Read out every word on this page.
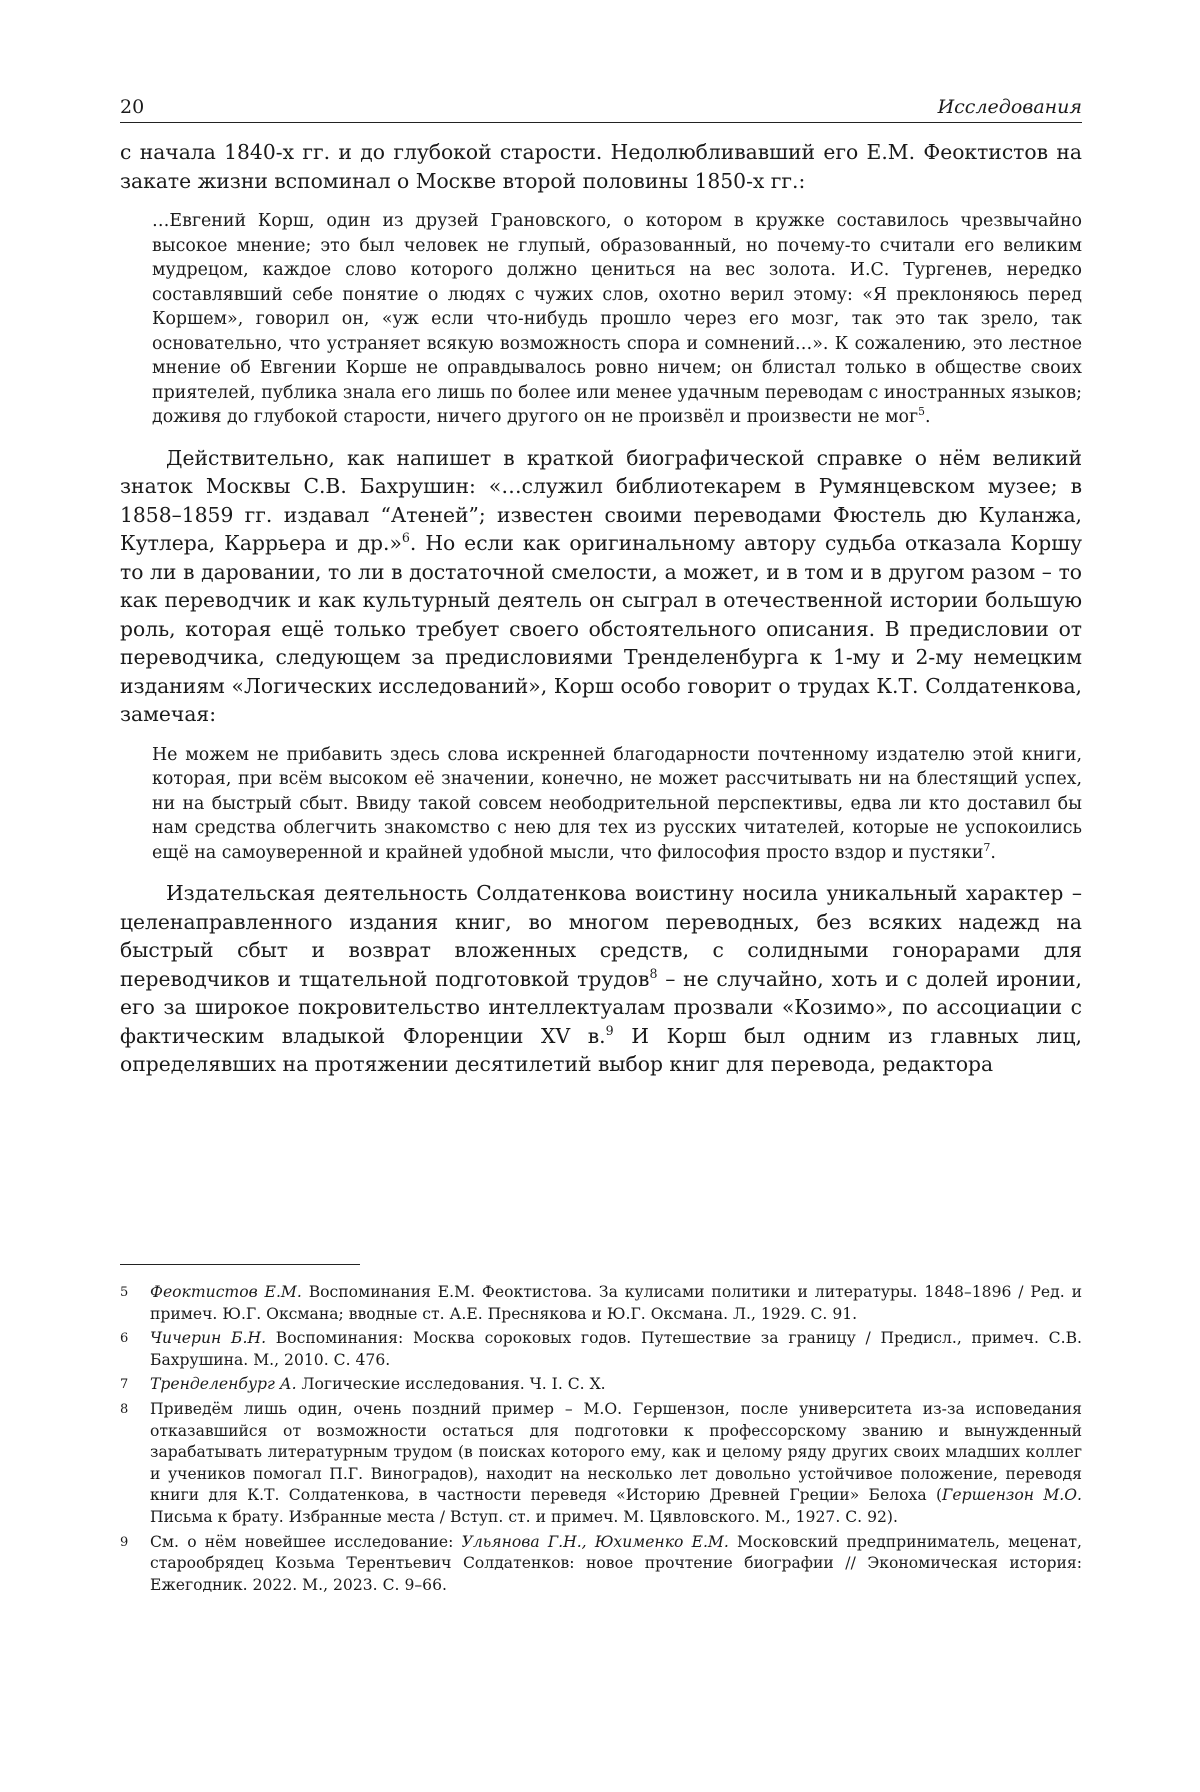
20	Исследования

с начала 1840-х гг. и до глубокой старости. Недолюбливавший его Е.М. Феоктистов на закате жизни вспоминал о Москве второй половины 1850-х гг.:

…Евгений Корш, один из друзей Грановского, о котором в кружке составилось чрезвычайно высокое мнение; это был человек не глупый, образованный, но почему-то считали его великим мудрецом, каждое слово которого должно цениться на вес золота. И.С. Тургенев, нередко составлявший себе понятие о людях с чужих слов, охотно верил этому: «Я преклоняюсь перед Коршем», говорил он, «уж если что-нибудь прошло через его мозг, так это так зрело, так основательно, что устраняет всякую возможность спора и сомнений…». К сожалению, это лестное мнение об Евгении Корше не оправдывалось ровно ничем; он блистал только в обществе своих приятелей, публика знала его лишь по более или менее удачным переводам с иностранных языков; доживя до глубокой старости, ничего другого он не произвёл и произвести не мог$^5$.

Действительно, как напишет в краткой биографической справке о нём великий знаток Москвы С.В. Бахрушин: «…служил библиотекарем в Румянцевском музее; в 1858–1859 гг. издавал “Атеней”; известен своими переводами Фюстель дю Куланжа, Кутлера, Каррьера и др.»$^6$. Но если как оригинальному автору судьба отказала Коршу то ли в даровании, то ли в достаточной смелости, а может, и в том и в другом разом – то как переводчик и как культурный деятель он сыграл в отечественной истории большую роль, которая ещё только требует своего обстоятельного описания. В предисловии от переводчика, следующем за предисловиями Тренделенбурга к 1-му и 2-му немецким изданиям «Логических исследований», Корш особо говорит о трудах К.Т. Солдатенкова, замечая:

Не можем не прибавить здесь слова искренней благодарности почтенному издателю этой книги, которая, при всём высоком её значении, конечно, не может рассчитывать ни на блестящий успех, ни на быстрый сбыт. Ввиду такой совсем неободрительной перспективы, едва ли кто доставил бы нам средства облегчить знакомство с нею для тех из русских читателей, которые не успокоились ещё на самоуверенной и крайней удобной мысли, что философия просто вздор и пустяки$^7$.

Издательская деятельность Солдатенкова воистину носила уникальный характер – целенаправленного издания книг, во многом переводных, без всяких надежд на быстрый сбыт и возврат вложенных средств, с солидными гонорарами для переводчиков и тщательной подготовкой трудов$^8$ – не случайно, хоть и с долей иронии, его за широкое покровительство интеллектуалам прозвали «Козимо», по ассоциации с фактическим владыкой Флоренции XV в.$^9$ И Корш был одним из главных лиц, определявших на протяжении десятилетий выбор книг для перевода, редактора

5 Феоктистов Е.М. Воспоминания Е.М. Феоктистова. За кулисами политики и литературы. 1848–1896 / Ред. и примеч. Ю.Г. Оксмана; вводные ст. А.Е. Преснякова и Ю.Г. Оксмана. Л., 1929. С. 91.
6 Чичерин Б.Н. Воспоминания: Москва сороковых годов. Путешествие за границу / Предисл., примеч. С.В. Бахрушина. М., 2010. С. 476.
7 Тренделенбург А. Логические исследования. Ч. I. С. X.
8 Приведём лишь один, очень поздний пример – М.О. Гершензон, после университета из-за исповедания отказавшийся от возможности остаться для подготовки к профессорскому званию и вынужденный зарабатывать литературным трудом (в поисках которого ему, как и целому ряду других своих младших коллег и учеников помогал П.Г. Виноградов), находит на несколько лет довольно устойчивое положение, переводя книги для К.Т. Солдатенкова, в частности переведя «Историю Древней Греции» Белоха (Гершензон М.О. Письма к брату. Избранные места / Вступ. ст. и примеч. М. Цявловского. М., 1927. С. 92).
9 См. о нём новейшее исследование: Ульянова Г.Н., Юхименко Е.М. Московский предприниматель, меценат, старообрядец Козьма Терентьевич Солдатенков: новое прочтение биографии // Экономическая история: Ежегодник. 2022. М., 2023. С. 9–66.
